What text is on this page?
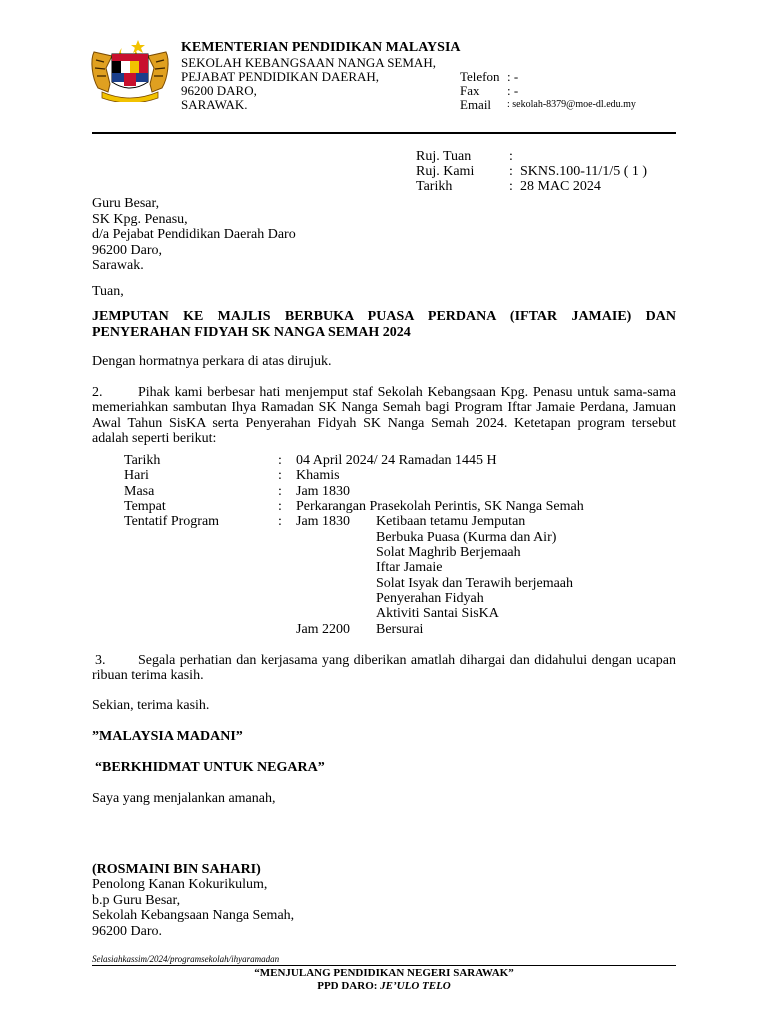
KEMENTERIAN PENDIDIKAN MALAYSIA
SEKOLAH KEBANGSAAN NANGA SEMAH,
PEJABAT PENDIDIKAN DAERAH,
96200 DARO,
SARAWAK.
Telefon : -
Fax : -
Email : sekolah-8379@moe-dl.edu.my
Ruj. Tuan	:
Ruj. Kami : SKNS.100-11/1/5 ( 1 )
Tarikh	: 28 MAC 2024
Guru Besar,
SK Kpg. Penasu,
d/a Pejabat Pendidikan Daerah Daro
96200 Daro,
Sarawak.
Tuan,
JEMPUTAN KE MAJLIS BERBUKA PUASA PERDANA (IFTAR JAMAIE) DAN PENYERAHAN FIDYAH SK NANGA SEMAH 2024
Dengan hormatnya perkara di atas dirujuk.
2.	Pihak kami berbesar hati menjemput staf Sekolah Kebangsaan Kpg. Penasu untuk sama-sama
memeriahkan sambutan Ihya Ramadan SK Nanga Semah bagi Program Iftar Jamaie Perdana, Jamuan Awal Tahun SisKA serta Penyerahan Fidyah SK Nanga Semah 2024. Ketetapan program tersebut adalah seperti berikut:
Tarikh	: 04 April 2024/ 24 Ramadan 1445 H
Hari	: Khamis
Masa	: Jam 1830
Tempat	: Perkarangan Prasekolah Perintis, SK Nanga Semah
Tentatif Program	: Jam 1830 Ketibaan tetamu Jemputan
Berbuka Puasa (Kurma dan Air)
Solat Maghrib Berjemaah
Iftar Jamaie
Solat Isyak dan Terawih berjemaah
Penyerahan Fidyah
Aktiviti Santai SisKA
Jam 2200 Bersurai
3. Segala perhatian dan kerjasama yang diberikan amatlah dihargai dan didahului dengan ucapan
ribuan terima kasih.
Sekian, terima kasih.
”MALAYSIA MADANI”
“BERKHIDMAT UNTUK NEGARA”
Saya yang menjalankan amanah,
(ROSMAINI BIN SAHARI)
Penolong Kanan Kokurikulum,
b.p Guru Besar,
Sekolah Kebangsaan Nanga Semah,
96200 Daro.
Selasiahkassim/2024/programsekolah/ihyaramadan
“MENJULANG PENDIDIKAN NEGERI SARAWAK”
PPD DARO: JE’ULO TELO
